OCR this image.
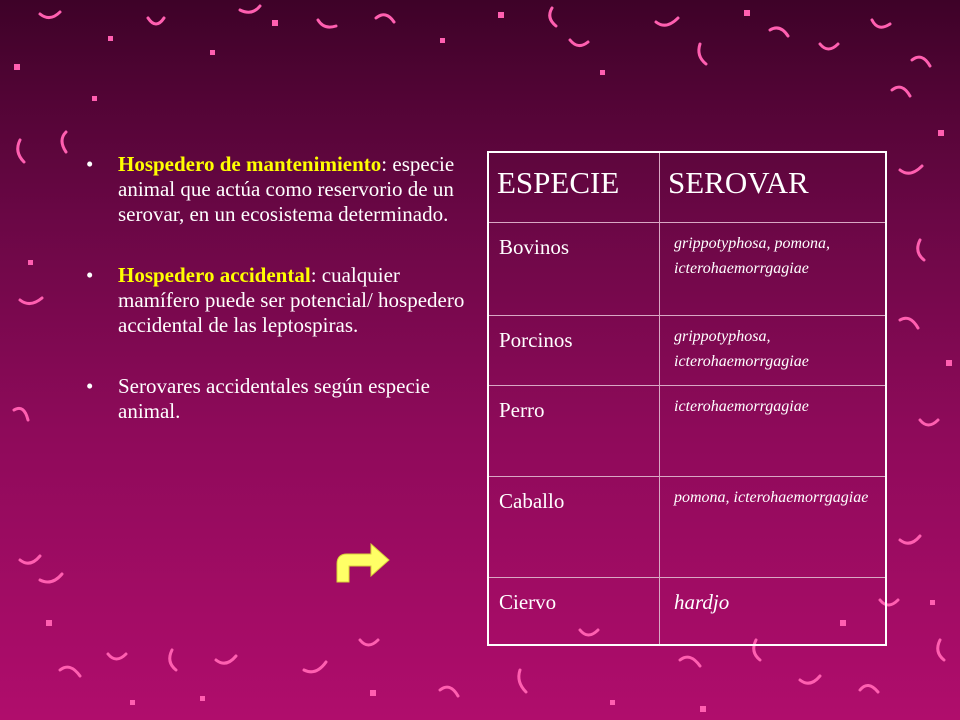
• Hospedero de mantenimiento: especie animal que actúa como reservorio de un serovar, en un ecosistema determinado.
• Hospedero accidental: cualquier mamífero puede ser potencial/ hospedero accidental de las leptospiras.
• Serovares accidentales según especie animal.
ESPECIE	SEROVAR
Bovinos	grippotyphosa, pomona, icterohaemorrgagiae
Porcinos	grippotyphosa, icterohaemorrgagiae
Perro	icterohaemorrgagiae
Caballo	pomona, icterohaemorrgagiae
Ciervo	hardjo
